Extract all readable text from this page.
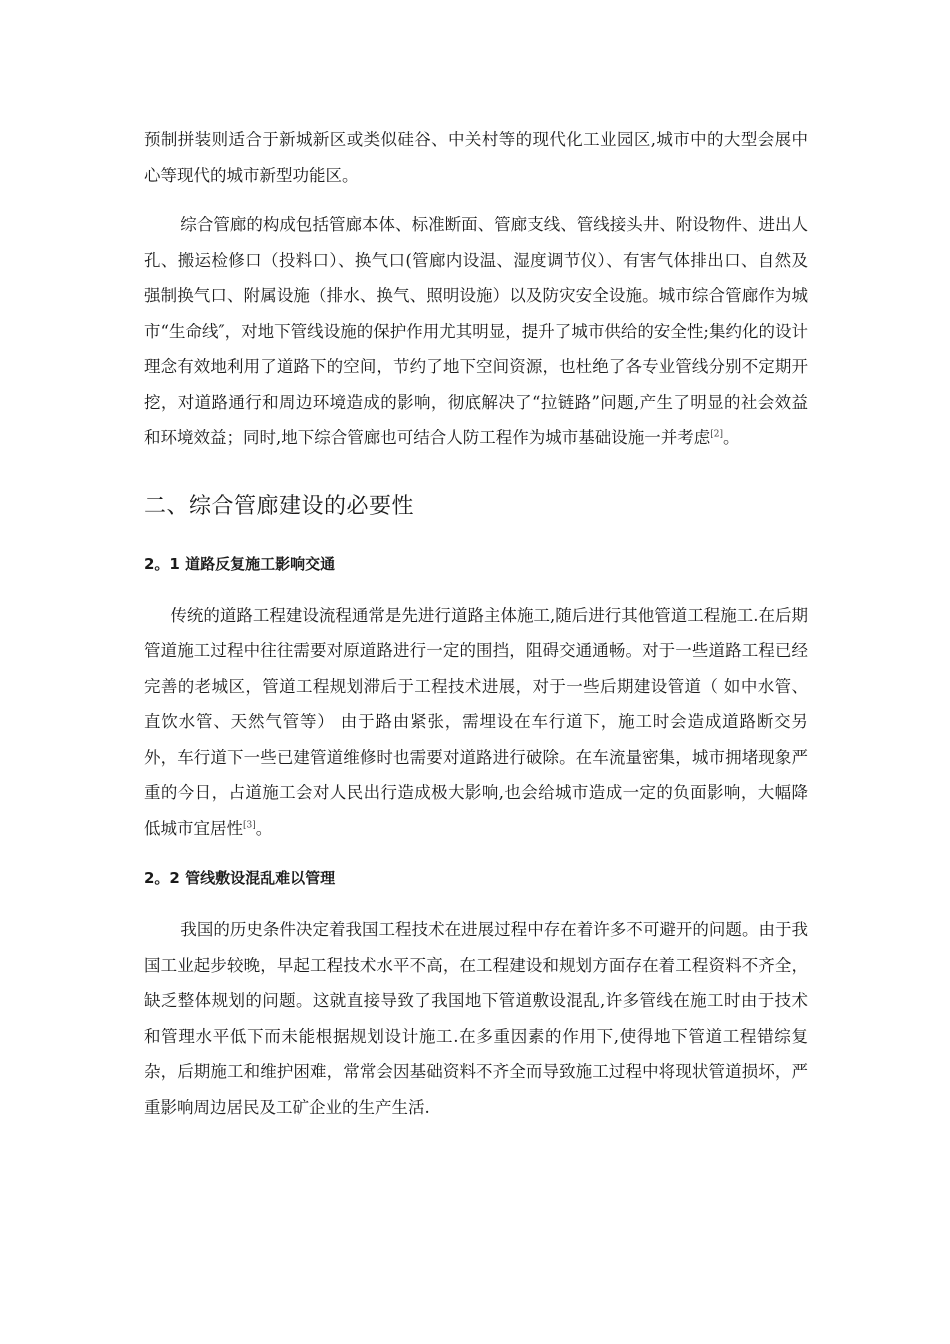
预制拼装则适合于新城新区或类似硅谷、中关村等的现代化工业园区,城市中的大型会展中心等现代的城市新型功能区。

综合管廊的构成包括管廊本体、标准断面、管廊支线、管线接头井、附设物件、进出人孔、搬运检修口（投料口）、换气口(管廊内设温、湿度调节仪）、有害气体排出口、自然及强制换气口、附属设施（排水、换气、照明设施）以及防灾安全设施。城市综合管廊作为城市“生命线″，对地下管线设施的保护作用尤其明显，提升了城市供给的安全性;集约化的设计理念有效地利用了道路下的空间，节约了地下空间资源，也杜绝了各专业管线分别不定期开挖，对道路通行和周边环境造成的影响，彻底解决了“拉链路”问题,产生了明显的社会效益和环境效益；同时,地下综合管廊也可结合人防工程作为城市基础设施一并考虑[2]。

二、综合管廊建设的必要性
2。1 道路反复施工影响交通

传统的道路工程建设流程通常是先进行道路主体施工,随后进行其他管道工程施工.在后期管道施工过程中往往需要对原道路进行一定的围挡，阻碍交通通畅。对于一些道路工程已经完善的老城区，管道工程规划滞后于工程技术进展，对于一些后期建设管道（ 如中水管、直饮水管、天然气管等） 由于路由紧张，需埋设在车行道下，施工时会造成道路断交另外，车行道下一些已建管道维修时也需要对道路进行破除。在车流量密集，城市拥堵现象严重的今日，占道施工会对人民出行造成极大影响,也会给城市造成一定的负面影响，大幅降低城市宜居性[3]。

2。2 管线敷设混乱难以管理

我国的历史条件决定着我国工程技术在进展过程中存在着许多不可避开的问题。由于我国工业起步较晚，早起工程技术水平不高，在工程建设和规划方面存在着工程资料不齐全，缺乏整体规划的问题。这就直接导致了我国地下管道敷设混乱,许多管线在施工时由于技术和管理水平低下而未能根据规划设计施工.在多重因素的作用下,使得地下管道工程错综复杂，后期施工和维护困难，常常会因基础资料不齐全而导致施工过程中将现状管道损坏，严重影响周边居民及工矿企业的生产生活.
